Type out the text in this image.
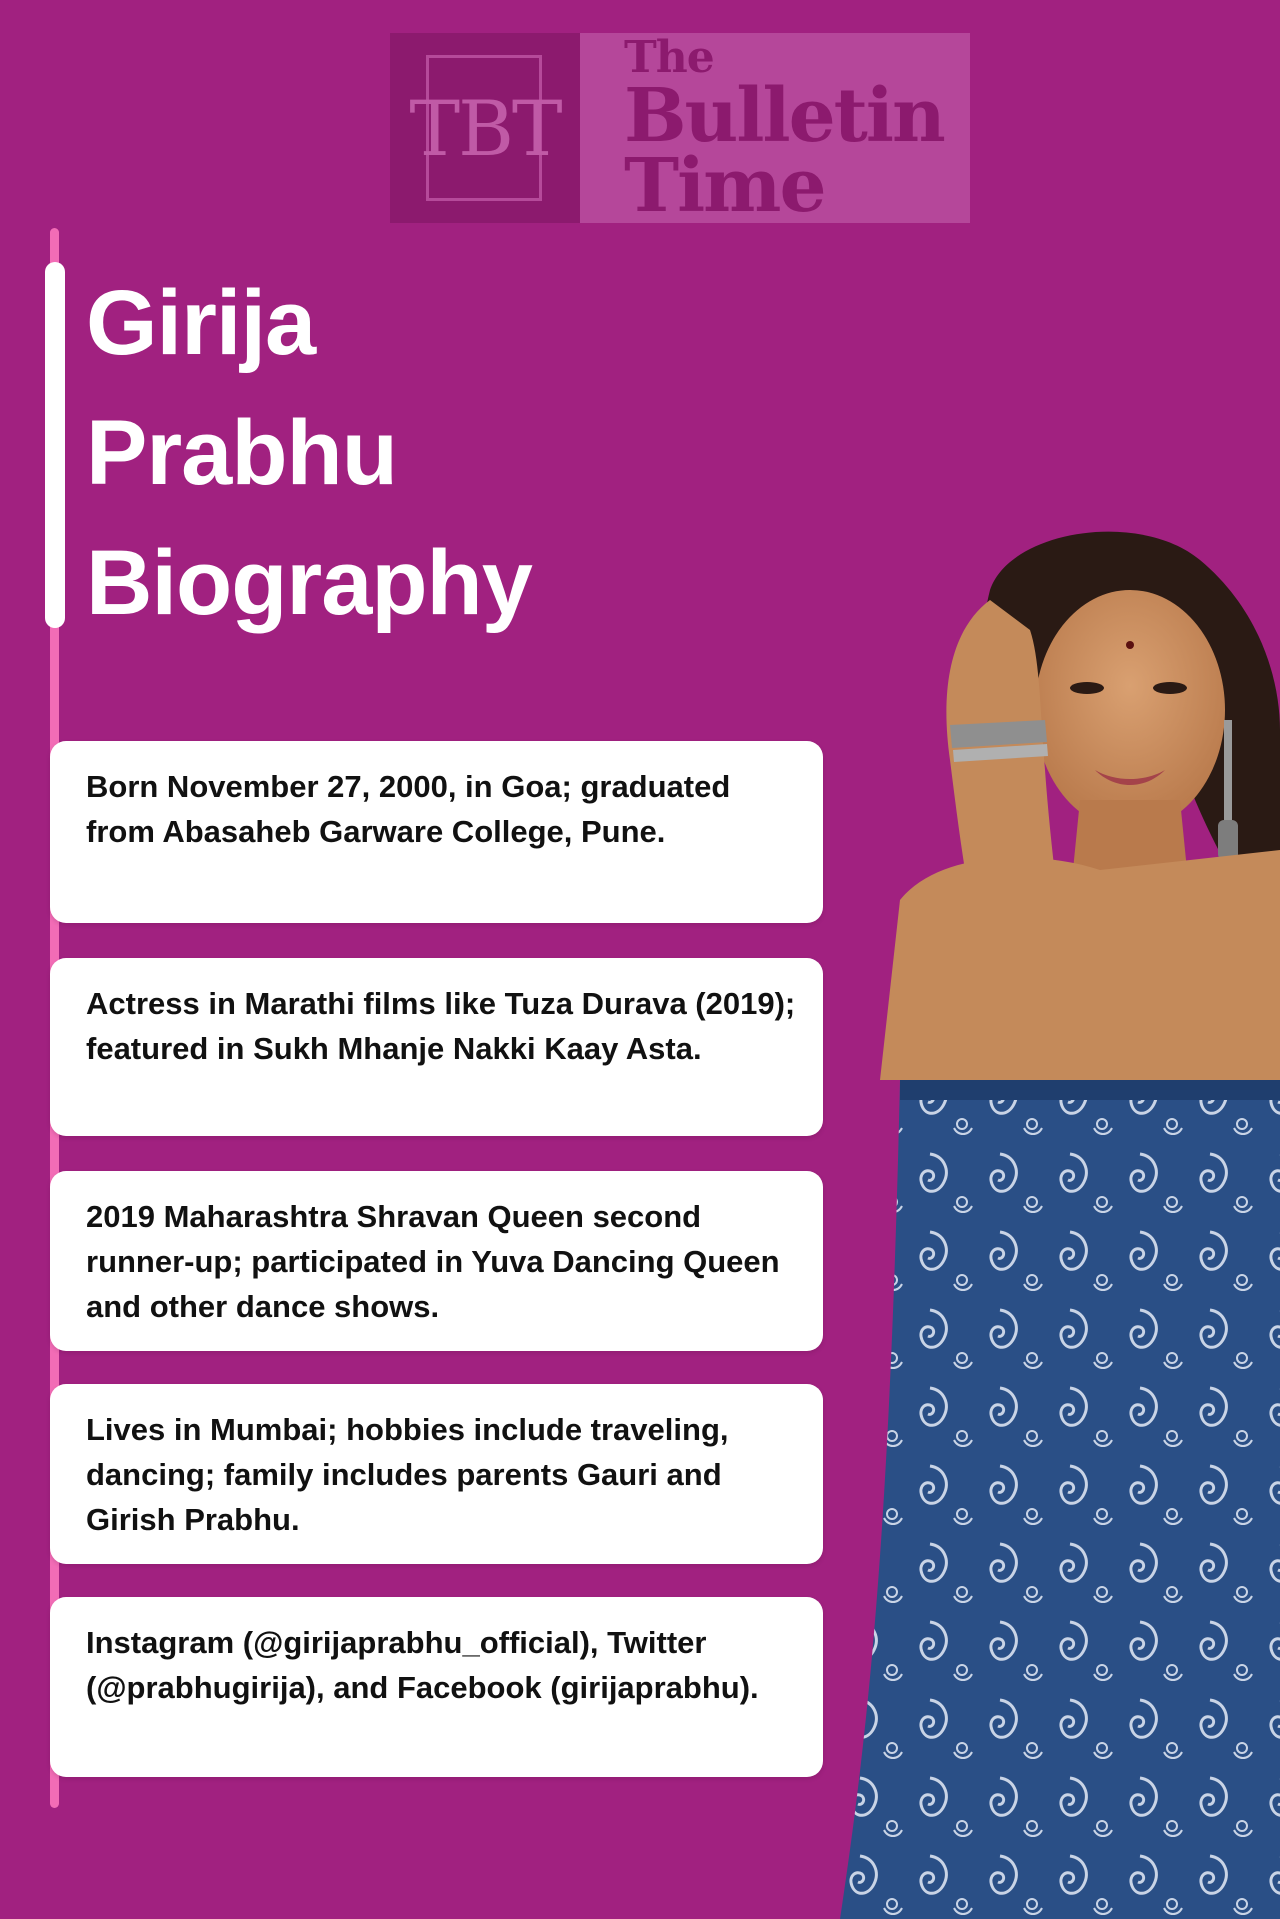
TBT
The
Bulletin
Time
Girija
Prabhu
Biography
Born November 27, 2000, in Goa; graduated from Abasaheb Garware College, Pune.
Actress in Marathi films like Tuza Durava (2019); featured in Sukh Mhanje Nakki Kaay Asta.
2019 Maharashtra Shravan Queen second runner-up; participated in Yuva Dancing Queen and other dance shows.
Lives in Mumbai; hobbies include traveling, dancing; family includes parents Gauri and Girish Prabhu.
Instagram (@girijaprabhu_official), Twitter (@prabhugirija), and Facebook (girijaprabhu).
